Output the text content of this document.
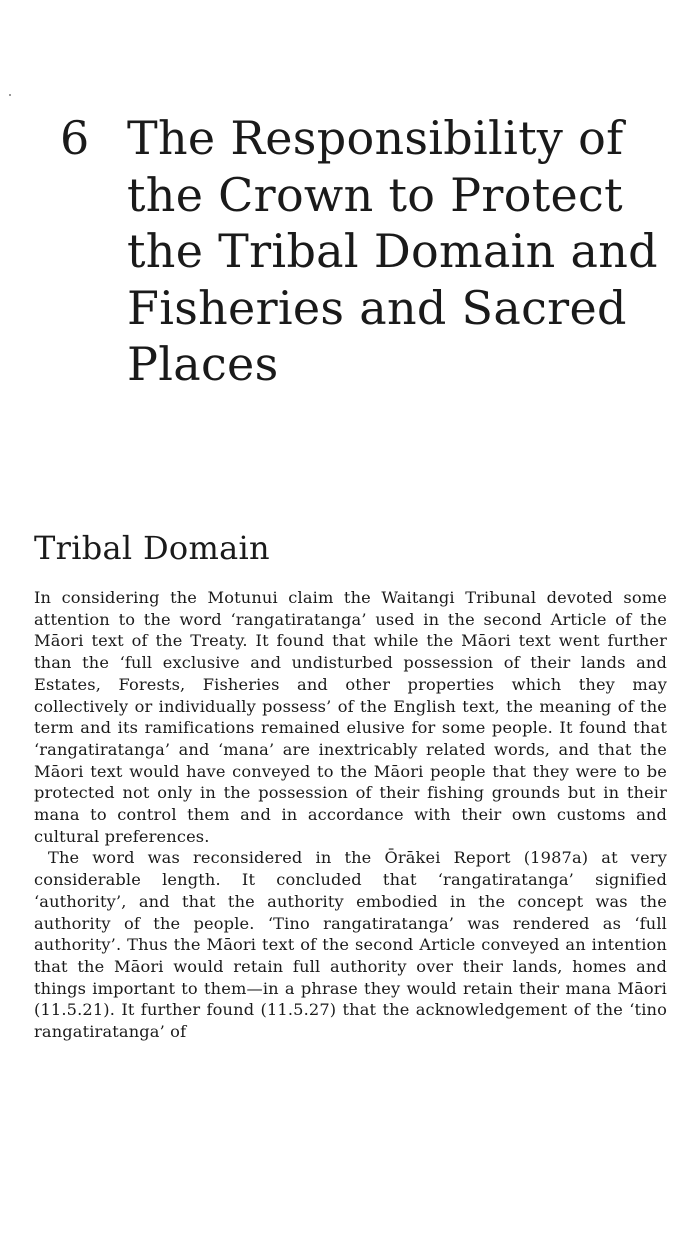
6 The Responsibility of the Crown to Protect the Tribal Domain and Fisheries and Sacred Places
Tribal Domain

In considering the Motunui claim the Waitangi Tribunal devoted some attention to the word ‘rangatiratanga’ used in the second Article of the Māori text of the Treaty. It found that while the Māori text went further than the ‘full exclusive and undisturbed possession of their lands and Estates, Forests, Fisheries and other properties which they may collectively or individually possess’ of the English text, the meaning of the term and its ramifications remained elusive for some people. It found that ‘rangatiratanga’ and ‘mana’ are inextricably related words, and that the Māori text would have conveyed to the Māori people that they were to be protected not only in the possession of their fishing grounds but in their mana to control them and in accordance with their own customs and cultural preferences.

The word was reconsidered in the Ōrākei Report (1987a) at very considerable length. It concluded that ‘rangatiratanga’ signified ‘authority’, and that the authority embodied in the concept was the authority of the people. ‘Tino rangatiratanga’ was rendered as ‘full authority’. Thus the Māori text of the second Article conveyed an intention that the Māori would retain full authority over their lands, homes and things important to them—in a phrase they would retain their mana Māori (11.5.21). It further found (11.5.27) that the acknowledgement of the ‘tino rangatiratanga’ of
